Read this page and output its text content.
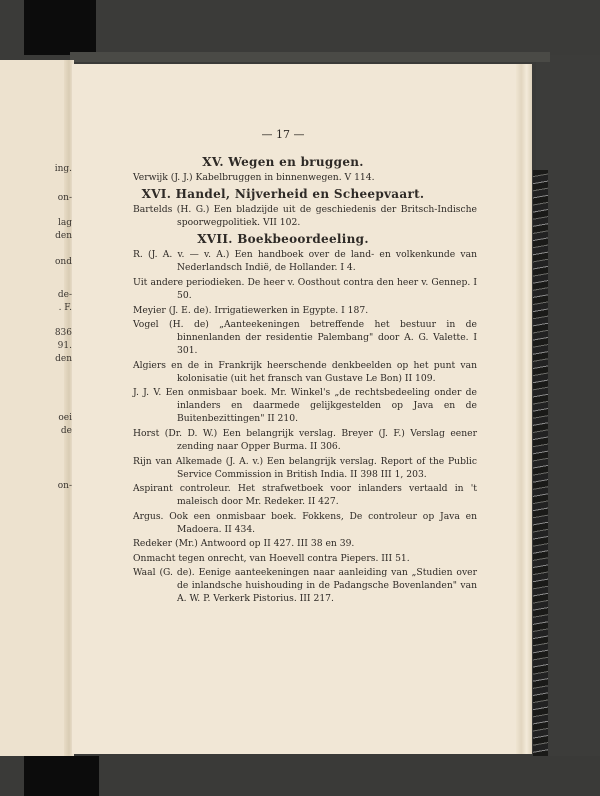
ing.
on-
lag
den
ond
de-
. F.
836
91.
den
oei
de
on-
— 17 —
XV. Wegen en bruggen.
Verwijk (J. J.) Kabelbruggen in binnenwegen. V 114.
XVI. Handel, Nijverheid en Scheepvaart.
Bartelds (H. G.) Een bladzijde uit de geschiedenis der Britsch-Indische spoorwegpolitiek. VII 102.
XVII. Boekbeoordeeling.
R. (J. A. v. — v. A.) Een handboek over de land- en volkenkunde van Nederlandsch Indië, de Hollander. I 4.
Uit andere periodieken. De heer v. Oosthout contra den heer v. Gennep. I 50.
Meyier (J. E. de). Irrigatiewerken in Egypte. I 187.
Vogel (H. de) „Aanteekeningen betreffende het bestuur in de binnenlanden der residentie Palembang" door A. G. Valette. I 301.
Algiers en de in Frankrijk heerschende denkbeelden op het punt van kolonisatie (uit het fransch van Gustave Le Bon) II 109.
J. J. V. Een onmisbaar boek. Mr. Winkel's „de rechtsbedeeling onder de inlanders en daarmede gelijkgestelden op Java en de Buitenbezittingen" II 210.
Horst (Dr. D. W.) Een belangrijk verslag. Breyer (J. F.) Verslag eener zending naar Opper Burma. II 306.
Rijn van Alkemade (J. A. v.) Een belangrijk verslag. Report of the Public Service Commission in British India. II 398 III 1, 203.
Aspirant controleur. Het strafwetboek voor inlanders vertaald in 't maleisch door Mr. Redeker. II 427.
Argus. Ook een onmisbaar boek. Fokkens, De controleur op Java en Madoera. II 434.
Redeker (Mr.) Antwoord op II 427. III 38 en 39.
Onmacht tegen onrecht, van Hoevell contra Piepers. III 51.
Waal (G. de). Eenige aanteekeningen naar aanleiding van „Studien over de inlandsche huishouding in de Padangsche Bovenlanden" van A. W. P. Verkerk Pistorius. III 217.
